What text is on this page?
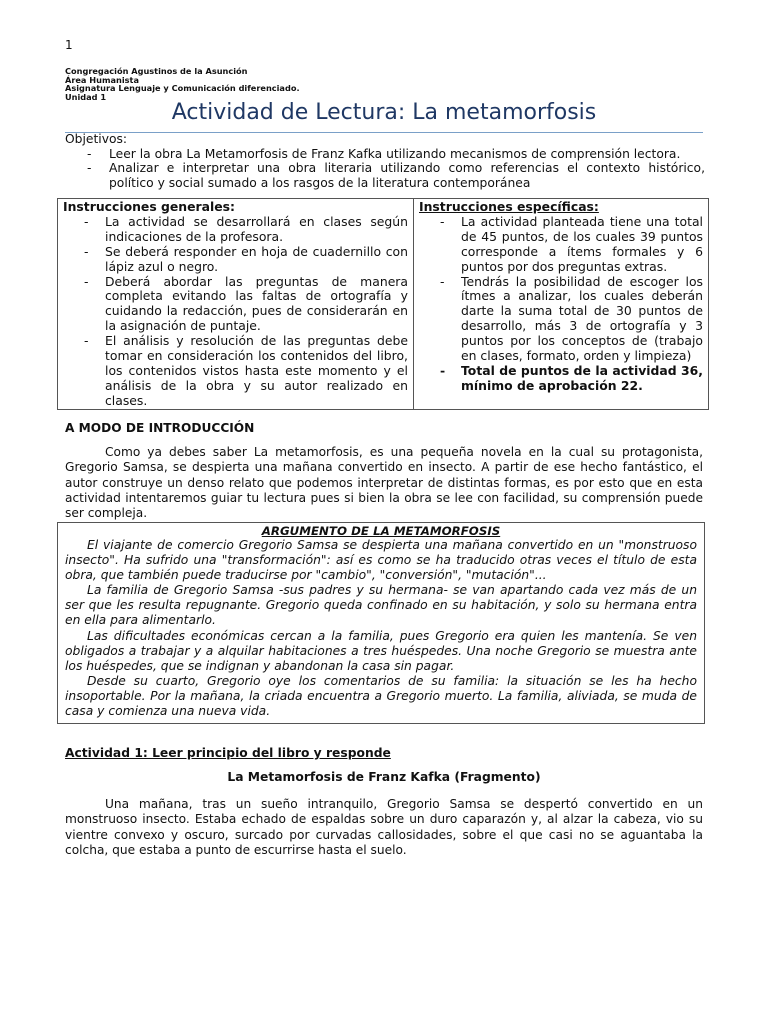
1
Congregación Agustinos de la Asunción
Área Humanista
Asignatura Lenguaje y Comunicación diferenciado.
Unidad 1
Actividad de Lectura: La metamorfosis
Objetivos:
- Leer la obra La Metamorfosis de Franz Kafka utilizando mecanismos de comprensión lectora.
- Analizar e interpretar una obra literaria utilizando como referencias el contexto histórico, político y social sumado a los rasgos de la literatura contemporánea
Instrucciones generales:
- La actividad se desarrollará en clases según indicaciones de la profesora.
- Se deberá responder en hoja de cuadernillo con lápiz azul o negro.
- Deberá abordar las preguntas de manera completa evitando las faltas de ortografía y cuidando la redacción, pues de considerarán en la asignación de puntaje.
- El análisis y resolución de las preguntas debe tomar en consideración los contenidos del libro, los contenidos vistos hasta este momento y el análisis de la obra y su autor realizado en clases.

Instrucciones específicas:
- La actividad planteada tiene una total de 45 puntos, de los cuales 39 puntos corresponde a ítems formales y 6 puntos por dos preguntas extras.
- Tendrás la posibilidad de escoger los ítmes a analizar, los cuales deberán darte la suma total de 30 puntos de desarrollo, más 3 de ortografía y 3 puntos por los conceptos de (trabajo en clases, formato, orden y limpieza)
- Total de puntos de la actividad 36, mínimo de aprobación 22.
A MODO DE INTRODUCCIÓN
Como ya debes saber La metamorfosis, es una pequeña novela en la cual su protagonista, Gregorio Samsa, se despierta una mañana convertido en insecto. A partir de ese hecho fantástico, el autor construye un denso relato que podemos interpretar de distintas formas, es por esto que en esta actividad intentaremos guiar tu lectura pues si bien la obra se lee con facilidad, su comprensión puede ser compleja.
ARGUMENTO DE LA METAMORFOSIS

El viajante de comercio Gregorio Samsa se despierta una mañana convertido en un "monstruoso insecto". Ha sufrido una "transformación": así es como se ha traducido otras veces el título de esta obra, que también puede traducirse por "cambio", "conversión", "mutación"...

La familia de Gregorio Samsa -sus padres y su hermana- se van apartando cada vez más de un ser que les resulta repugnante. Gregorio queda confinado en su habitación, y solo su hermana entra en ella para alimentarlo.

Las dificultades económicas cercan a la familia, pues Gregorio era quien les mantenía. Se ven obligados a trabajar y a alquilar habitaciones a tres huéspedes. Una noche Gregorio se muestra ante los huéspedes, que se indignan y abandonan la casa sin pagar.

Desde su cuarto, Gregorio oye los comentarios de su familia: la situación se les ha hecho insoportable. Por la mañana, la criada encuentra a Gregorio muerto. La familia, aliviada, se muda de casa y comienza una nueva vida.

Actividad 1: Leer principio del libro y responde
La Metamorfosis de Franz Kafka (Fragmento)
Una mañana, tras un sueño intranquilo, Gregorio Samsa se despertó convertido en un monstruoso insecto. Estaba echado de espaldas sobre un duro caparazón y, al alzar la cabeza, vio su vientre convexo y oscuro, surcado por curvadas callosidades, sobre el que casi no se aguantaba la colcha, que estaba a punto de escurrirse hasta el suelo.
